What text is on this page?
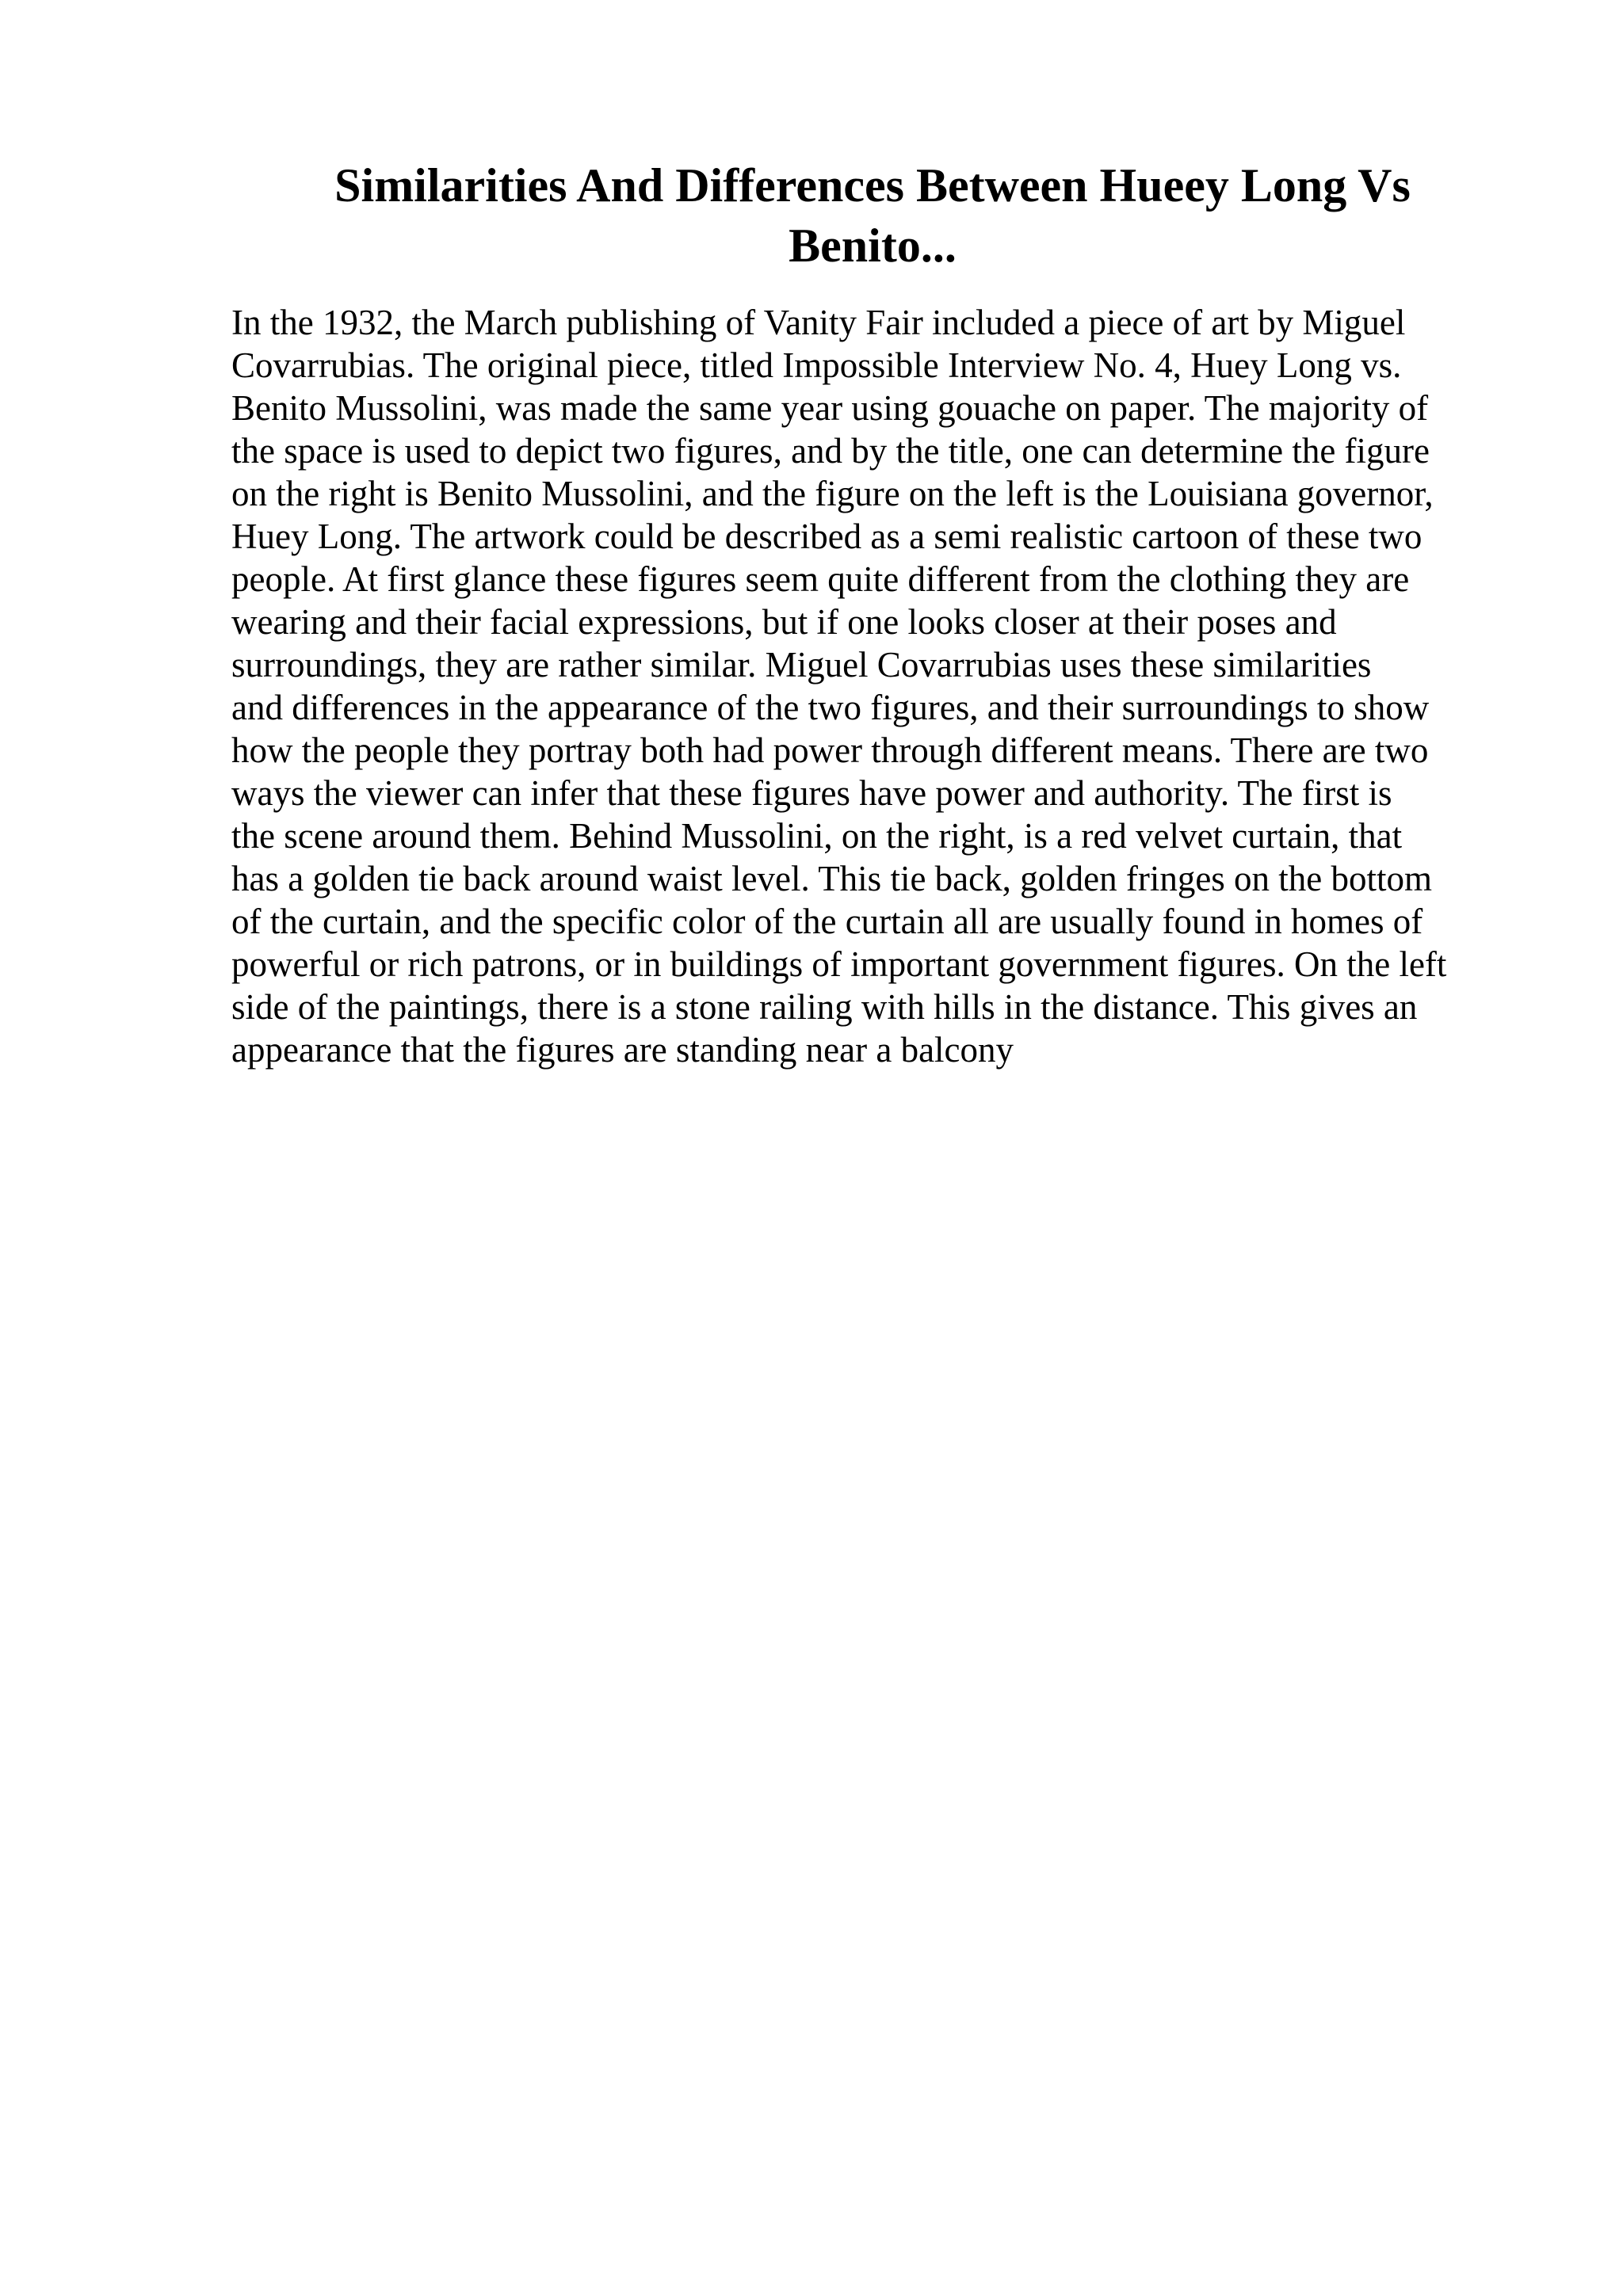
Similarities And Differences Between Hueey Long Vs
Benito...
In the 1932, the March publishing of Vanity Fair included a piece of art by Miguel
Covarrubias. The original piece, titled Impossible Interview No. 4, Huey Long vs.
Benito Mussolini, was made the same year using gouache on paper. The majority of
the space is used to depict two figures, and by the title, one can determine the figure
on the right is Benito Mussolini, and the figure on the left is the Louisiana governor,
Huey Long. The artwork could be described as a semi realistic cartoon of these two
people. At first glance these figures seem quite different from the clothing they are
wearing and their facial expressions, but if one looks closer at their poses and
surroundings, they are rather similar. Miguel Covarrubias uses these similarities
and differences in the appearance of the two figures, and their surroundings to show
how the people they portray both had power through different means. There are two
ways the viewer can infer that these figures have power and authority. The first is
the scene around them. Behind Mussolini, on the right, is a red velvet curtain, that
has a golden tie back around waist level. This tie back, golden fringes on the bottom
of the curtain, and the specific color of the curtain all are usually found in homes of
powerful or rich patrons, or in buildings of important government figures. On the left
side of the paintings, there is a stone railing with hills in the distance. This gives an
appearance that the figures are standing near a balcony
